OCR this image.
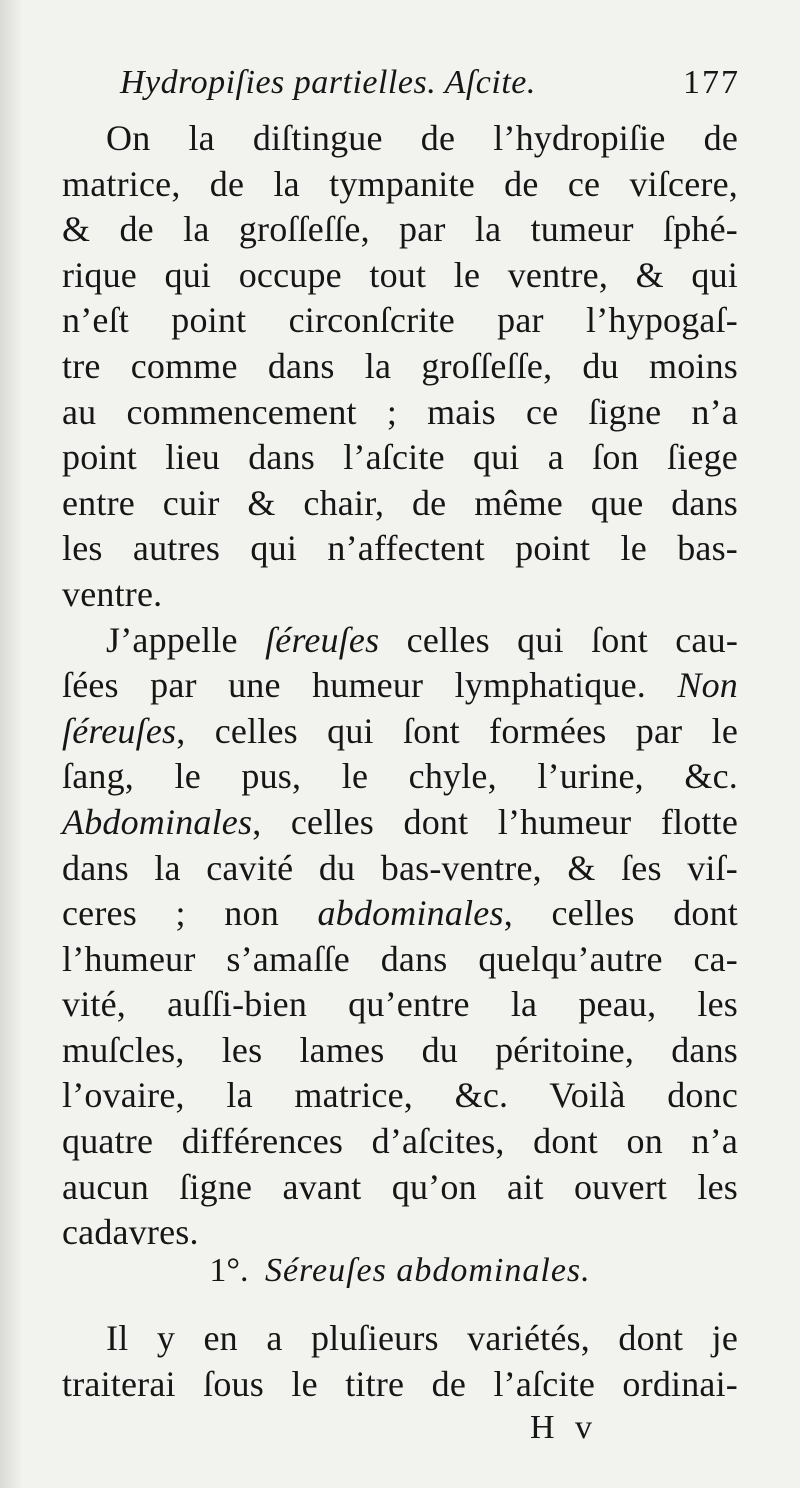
Hydropiſies partielles. Aſcite.	177
On la diſtingue de l’hydropiſie de
matrice, de la tympanite de ce viſcere,
& de la groſſeſſe, par la tumeur ſphé-
rique qui occupe tout le ventre, & qui
n’eſt point circonſcrite par l’hypogaſ-
tre comme dans la groſſeſſe, du moins
au commencement ; mais ce ſigne n’a
point lieu dans l’aſcite qui a ſon ſiege
entre cuir & chair, de même que dans
les autres qui n’affectent point le bas-
ventre.
J’appelle ſéreuſes celles qui ſont cau-
ſées par une humeur lymphatique. Non
ſéreuſes, celles qui ſont formées par le
ſang, le pus, le chyle, l’urine, &c.
Abdominales, celles dont l’humeur flotte
dans la cavité du bas-ventre, & ſes viſ-
ceres ; non abdominales, celles dont
l’humeur s’amaſſe dans quelqu’autre ca-
vité, auſſi-bien qu’entre la peau, les
muſcles, les lames du péritoine, dans
l’ovaire, la matrice, &c. Voilà donc
quatre différences d’aſcites, dont on n’a
aucun ſigne avant qu’on ait ouvert les
cadavres.
1°. Séreuſes abdominales.
Il y en a pluſieurs variétés, dont je
traiterai ſous le titre de l’aſcite ordinai-
H v
